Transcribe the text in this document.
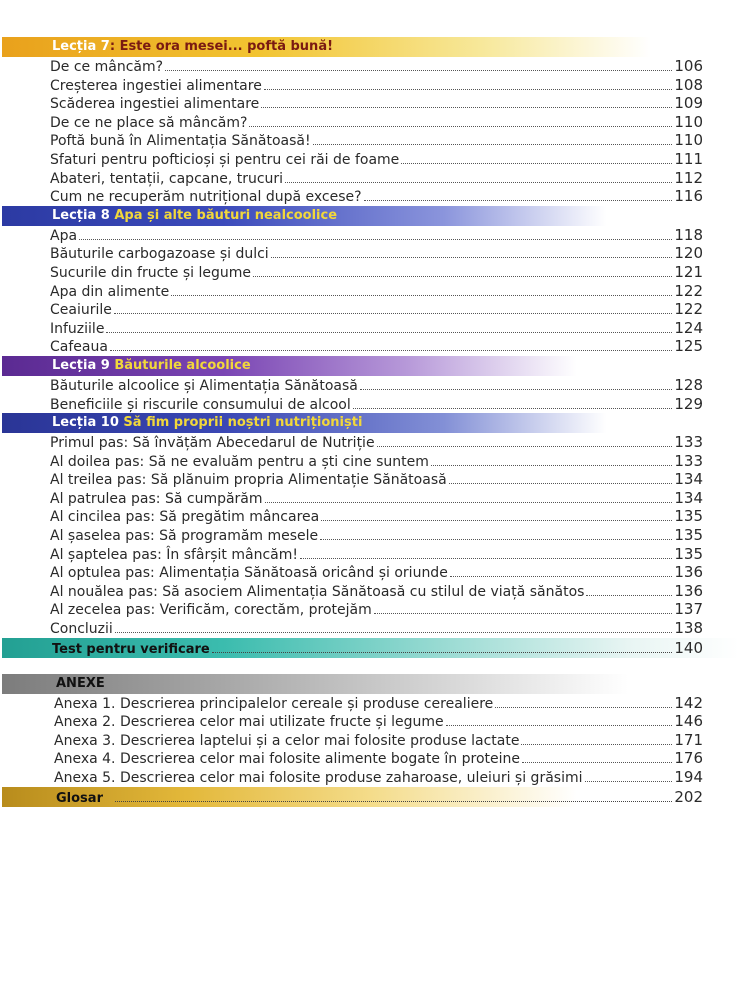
Lecția 7: Este ora mesei... poftă bună!
De ce mâncăm?	106
Creșterea ingestiei alimentare	108
Scăderea ingestiei alimentare	109
De ce ne place să mâncăm?	110
Poftă bună în Alimentația Sănătoasă!	110
Sfaturi pentru pofticioși și pentru cei răi de foame	111
Abateri, tentații, capcane, trucuri	112
Cum ne recuperăm nutrițional după excese?	116
Lecția 8 Apa și alte băuturi nealcoolice
Apa	118
Băuturile carbogazoase și dulci	120
Sucurile din fructe și legume	121
Apa din alimente	122
Ceaiurile	122
Infuziile	124
Cafeaua	125
Lecția 9 Băuturile alcoolice
Băuturile alcoolice și Alimentația Sănătoasă	128
Beneficiile și riscurile consumului de alcool	129
Lecția 10 Să fim proprii noștri nutriționiști
Primul pas: Să învățăm Abecedarul de Nutriție	133
Al doilea pas: Să ne evaluăm pentru a ști cine suntem	133
Al treilea pas: Să plănuim propria Alimentație Sănătoasă	134
Al patrulea pas: Să cumpărăm	134
Al cincilea pas: Să pregătim mâncarea	135
Al șaselea pas: Să programăm mesele	135
Al șaptelea pas: În sfârșit mâncăm!	135
Al optulea pas: Alimentația Sănătoasă oricând și oriunde	136
Al nouălea pas: Să asociem Alimentația Sănătoasă cu stilul de viață sănătos	136
Al zecelea pas: Verificăm, corectăm, protejăm	137
Concluzii	138
Test pentru verificare	140
ANEXE
Anexa 1. Descrierea principalelor cereale și produse cerealiere	142
Anexa 2. Descrierea celor mai utilizate fructe și legume	146
Anexa 3. Descrierea laptelui și a celor mai folosite produse lactate	171
Anexa 4. Descrierea celor mai folosite alimente bogate în proteine	176
Anexa 5. Descrierea celor mai folosite produse zaharoase, uleiuri și grăsimi	194
Glosar	202
